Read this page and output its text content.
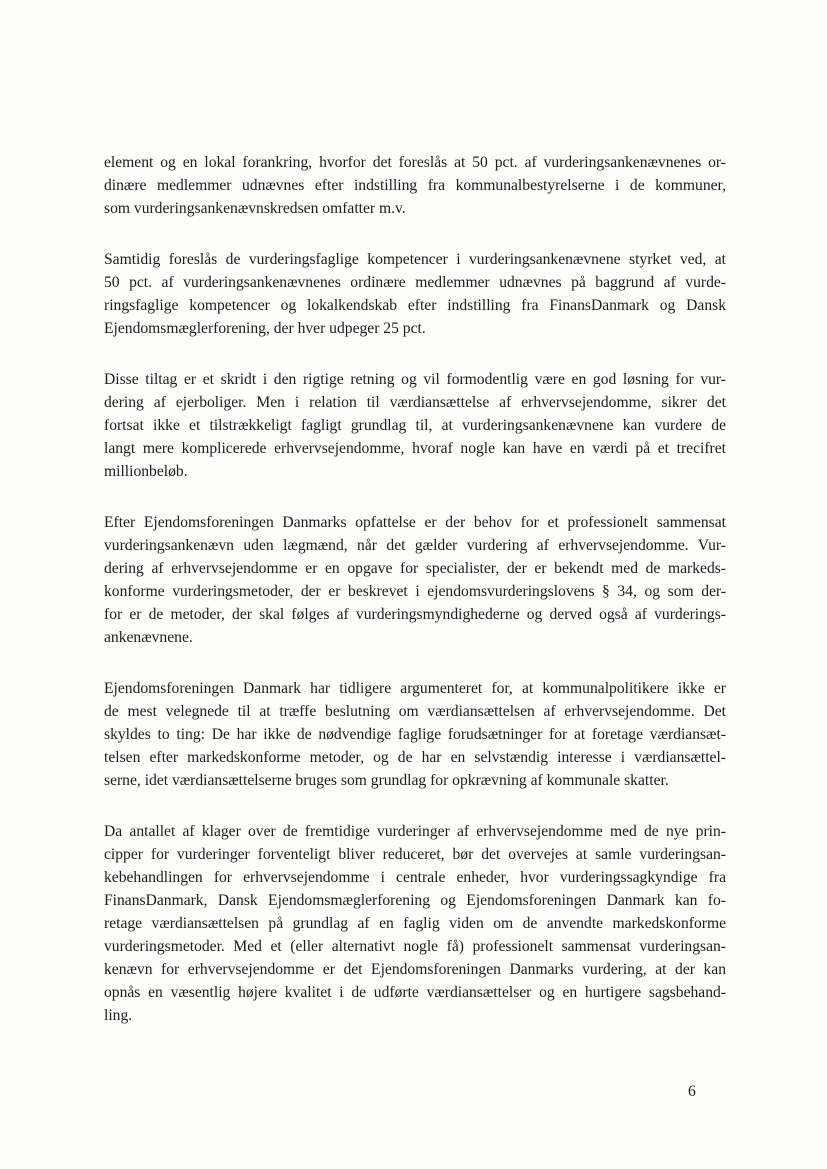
element og en lokal forankring, hvorfor det foreslås at 50 pct. af vurderingsankenævnenes or-
dinære medlemmer udnævnes efter indstilling fra kommunalbestyrelserne i de kommuner,
som vurderingsankenævnskredsen omfatter m.v.
Samtidig foreslås de vurderingsfaglige kompetencer i vurderingsankenævnene styrket ved, at
50 pct. af vurderingsankenævnenes ordinære medlemmer udnævnes på baggrund af vurde-
ringsfaglige kompetencer og lokalkendskab efter indstilling fra FinansDanmark og Dansk
Ejendomsmæglerforening, der hver udpeger 25 pct.
Disse tiltag er et skridt i den rigtige retning og vil formodentlig være en god løsning for vur-
dering af ejerboliger. Men i relation til værdiansættelse af erhvervsejendomme, sikrer det
fortsat ikke et tilstrækkeligt fagligt grundlag til, at vurderingsankenævnene kan vurdere de
langt mere komplicerede erhvervsejendomme, hvoraf nogle kan have en værdi på et trecifret
millionbeløb.
Efter Ejendomsforeningen Danmarks opfattelse er der behov for et professionelt sammensat
vurderingsankenævn uden lægmænd, når det gælder vurdering af erhvervsejendomme. Vur-
dering af erhvervsejendomme er en opgave for specialister, der er bekendt med de markeds-
konforme vurderingsmetoder, der er beskrevet i ejendomsvurderingslovens § 34, og som der-
for er de metoder, der skal følges af vurderingsmyndighederne og derved også af vurderings-
ankenævnene.
Ejendomsforeningen Danmark har tidligere argumenteret for, at kommunalpolitikere ikke er
de mest velegnede til at træffe beslutning om værdiansættelsen af erhvervsejendomme. Det
skyldes to ting: De har ikke de nødvendige faglige forudsætninger for at foretage værdiansæt-
telsen efter markedskonforme metoder, og de har en selvstændig interesse i værdiansættel-
serne, idet værdiansættelserne bruges som grundlag for opkrævning af kommunale skatter.
Da antallet af klager over de fremtidige vurderinger af erhvervsejendomme med de nye prin-
cipper for vurderinger forventeligt bliver reduceret, bør det overvejes at samle vurderingsan-
kebehandlingen for erhvervsejendomme i centrale enheder, hvor vurderingssagkyndige fra
FinansDanmark, Dansk Ejendomsmæglerforening og Ejendomsforeningen Danmark kan fo-
retage værdiansættelsen på grundlag af en faglig viden om de anvendte markedskonforme
vurderingsmetoder. Med et (eller alternativt nogle få) professionelt sammensat vurderingsan-
kenævn for erhvervsejendomme er det Ejendomsforeningen Danmarks vurdering, at der kan
opnås en væsentlig højere kvalitet i de udførte værdiansættelser og en hurtigere sagsbehand-
ling.
6
